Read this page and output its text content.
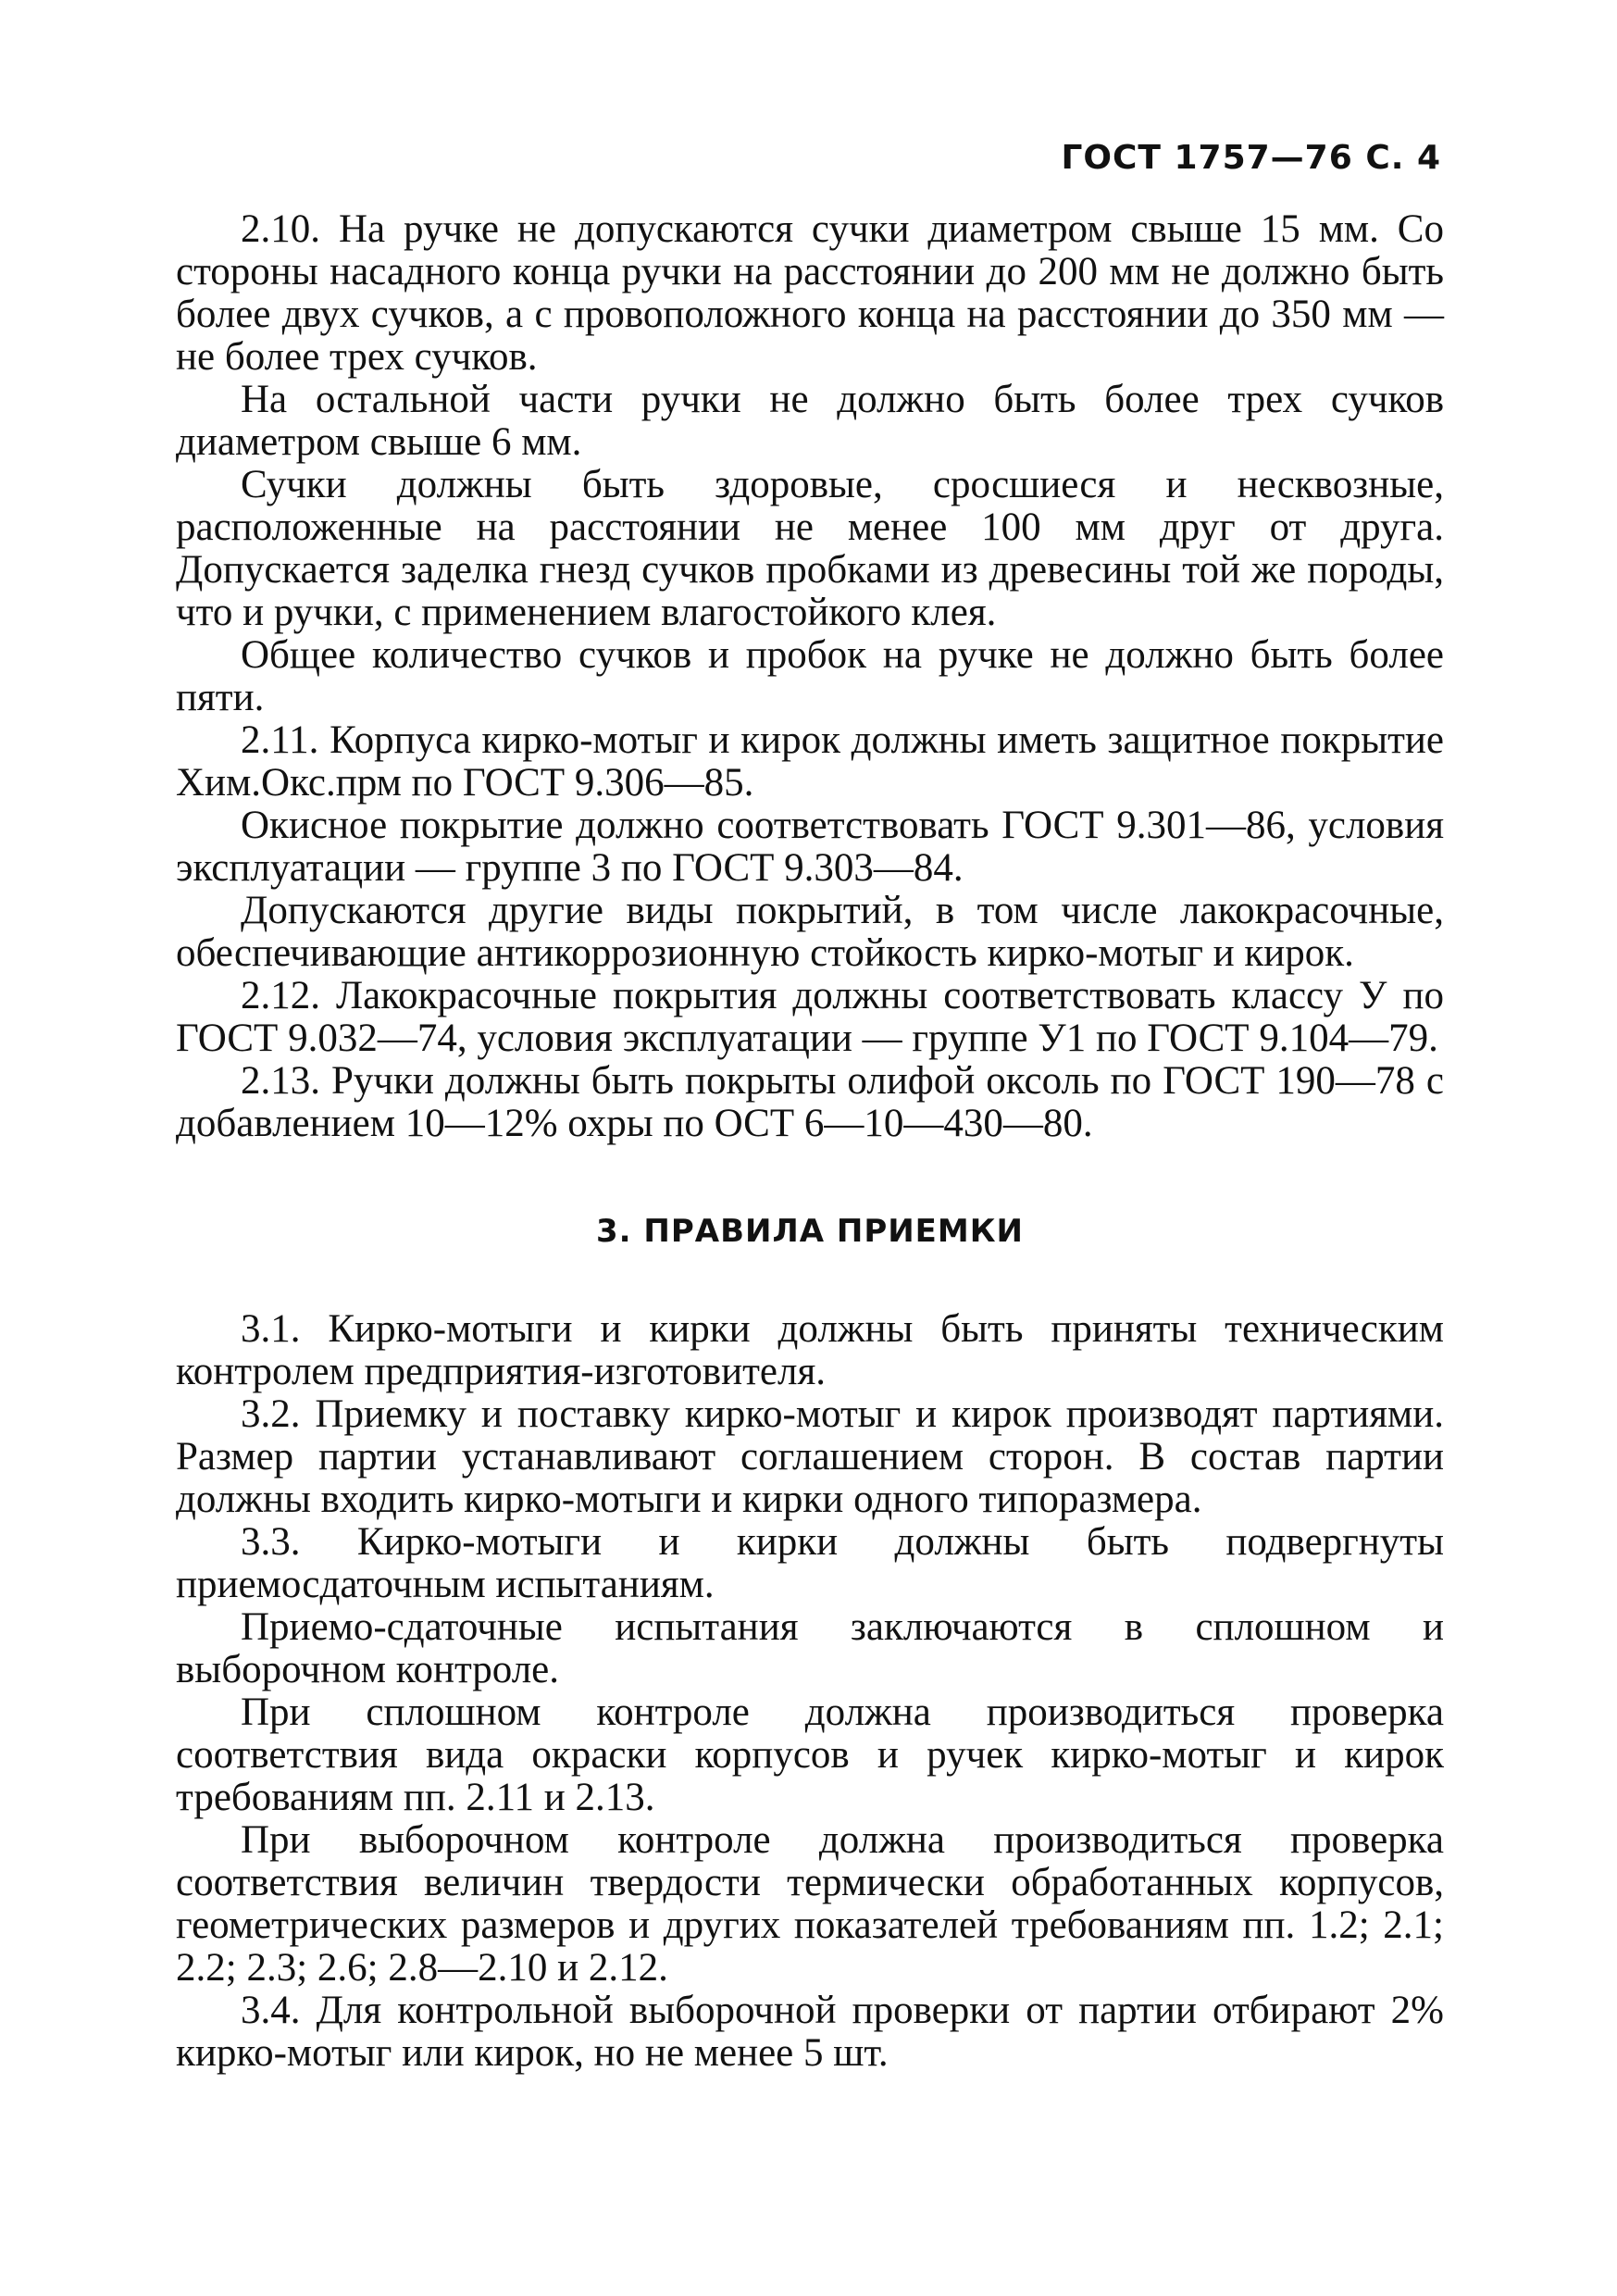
ГОСТ 1757—76 С. 4

2.10. На ручке не допускаются сучки диаметром свыше 15 мм. Со стороны насадного конца ручки на расстоянии до 200 мм не должно быть более двух сучков, а с провоположного конца на расстоянии до 350 мм — не более трех сучков.

На остальной части ручки не должно быть более трех сучков диаметром свыше 6 мм.

Сучки должны быть здоровые, сросшиеся и несквозные, расположенные на расстоянии не менее 100 мм друг от друга. Допускается заделка гнезд сучков пробками из древесины той же породы, что и ручки, с применением влагостойкого клея.

Общее количество сучков и пробок на ручке не должно быть более пяти.

2.11. Корпуса кирко-мотыг и кирок должны иметь защитное покрытие Хим.Окс.прм по ГОСТ 9.306—85.

Окисное покрытие должно соответствовать ГОСТ 9.301—86, условия эксплуатации — группе 3 по ГОСТ 9.303—84.

Допускаются другие виды покрытий, в том числе лакокрасочные, обеспечивающие антикоррозионную стойкость кирко-мотыг и кирок.

2.12. Лакокрасочные покрытия должны соответствовать классу У по ГОСТ 9.032—74, условия эксплуатации — группе У1 по ГОСТ 9.104—79.

2.13. Ручки должны быть покрыты олифой оксоль по ГОСТ 190—78 с добавлением 10—12% охры по ОСТ 6—10—430—80.

3. ПРАВИЛА ПРИЕМКИ

3.1. Кирко-мотыги и кирки должны быть приняты техническим контролем предприятия-изготовителя.

3.2. Приемку и поставку кирко-мотыг и кирок производят партиями. Размер партии устанавливают соглашением сторон. В состав партии должны входить кирко-мотыги и кирки одного типоразмера.

3.3. Кирко-мотыги и кирки должны быть подвергнуты приемосдаточным испытаниям.

Приемо-сдаточные испытания заключаются в сплошном и выборочном контроле.

При сплошном контроле должна производиться проверка соответствия вида окраски корпусов и ручек кирко-мотыг и кирок требованиям пп. 2.11 и 2.13.

При выборочном контроле должна производиться проверка соответствия величин твердости термически обработанных корпусов, геометрических размеров и других показателей требованиям пп. 1.2; 2.1; 2.2; 2.3; 2.6; 2.8—2.10 и 2.12.

3.4. Для контрольной выборочной проверки от партии отбирают 2% кирко-мотыг или кирок, но не менее 5 шт.
